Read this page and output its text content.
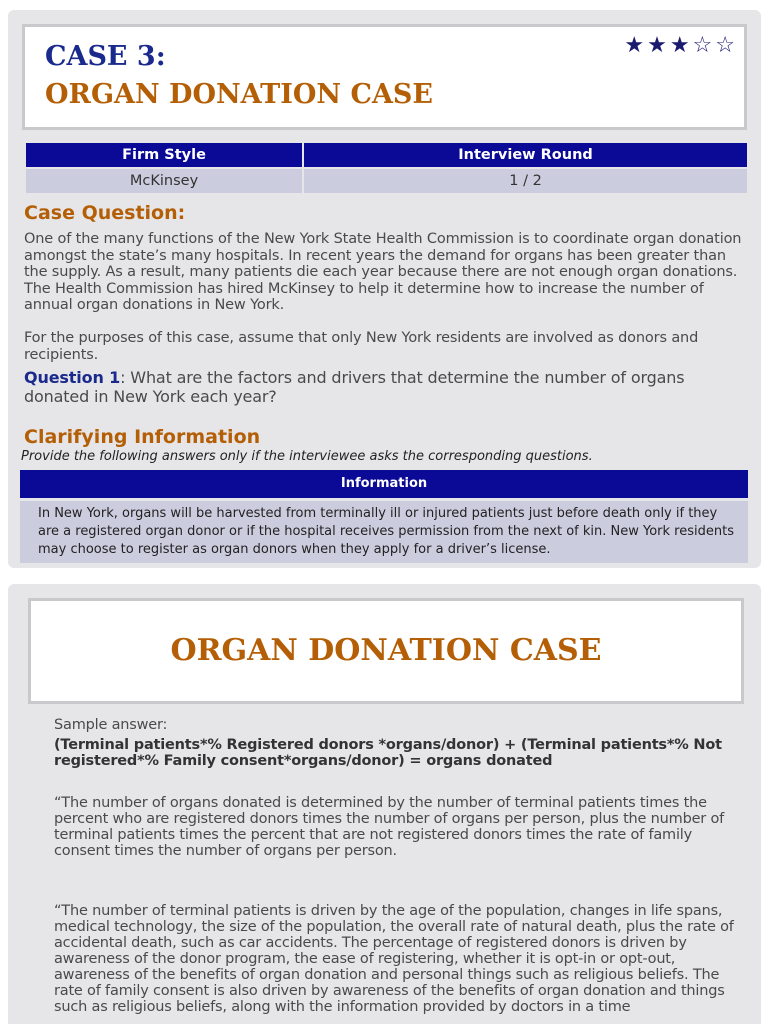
CASE 3:
ORGAN DONATION CASE
★★★☆☆
Firm Style	Interview Round
McKinsey	1 / 2
Case Question:

One of the many functions of the New York State Health Commission is to coordinate organ donation amongst the state’s many hospitals. In recent years the demand for organs has been greater than the supply. As a result, many patients die each year because there are not enough organ donations. The Health Commission has hired McKinsey to help it determine how to increase the number of annual organ donations in New York.

For the purposes of this case, assume that only New York residents are involved as donors and recipients.

Question 1: What are the factors and drivers that determine the number of organs donated in New York each year?

Clarifying Information

Provide the following answers only if the interviewee asks the corresponding questions.

Information
In New York, organs will be harvested from terminally ill or injured patients just before death only if they are a registered organ donor or if the hospital receives permission from the next of kin. New York residents may choose to register as organ donors when they apply for a driver’s license.
ORGAN DONATION CASE

Sample answer:

(Terminal patients*% Registered donors *organs/donor) + (Terminal patients*% Not registered*% Family consent*organs/donor) = organs donated

“The number of organs donated is determined by the number of terminal patients times the percent who are registered donors times the number of organs per person, plus the number of terminal patients times the percent that are not registered donors times the rate of family consent times the number of organs per person.

“The number of terminal patients is driven by the age of the population, changes in life spans, medical technology, the size of the population, the overall rate of natural death, plus the rate of accidental death, such as car accidents. The percentage of registered donors is driven by awareness of the donor program, the ease of registering, whether it is opt-in or opt-out, awareness of the benefits of organ donation and personal things such as religious beliefs. The rate of family consent is also driven by awareness of the benefits of organ donation and things such as religious beliefs, along with the information provided by doctors in a time
